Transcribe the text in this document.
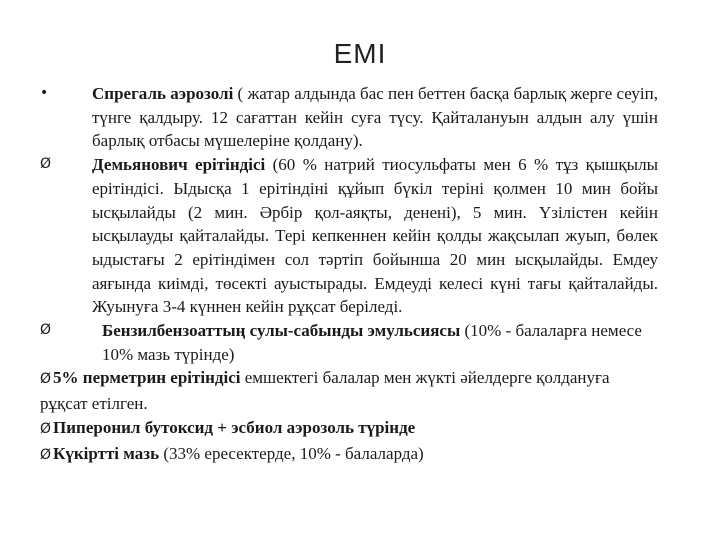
ЕМІ
•	Спрегаль аэрозолі ( жатар алдында бас пен беттен басқа барлық жерге сеуіп, түнге қалдыру. 12 сағаттан кейін суға түсу. Қайталануын алдын алу үшін барлық отбасы мүшелеріне қолдану).
Ø	Демьянович ерітіндісі (60 % натрий тиосульфаты мен 6 % тұз қышқылы ерітіндісі. Ыдысқа 1 ерітіндіні құйып бүкіл теріні қолмен 10 мин бойы ысқылайды (2 мин. Әрбір қол-аяқты, денені), 5 мин. Үзілістен кейін ысқылауды қайталайды. Тері кепкеннен кейін қолды жақсылап жуып, бөлек ыдыстағы 2 ерітіндімен сол тәртіп бойынша 20 мин ысқылайды. Емдеу аяғында киімді, төсекті ауыстырады. Емдеуді келесі күні тағы қайталайды. Жуынуға 3-4 күннен кейін рұқсат беріледі.
Ø	Бензилбензоаттың сулы-сабынды эмульсиясы (10% - балаларға немесе 10% мазь түрінде)
Ø 5% перметрин ерітіндісі емшектегі балалар мен жүкті әйелдерге қолдануға рұқсат етілген.
Ø Пиперонил бутоксид + эсбиол аэрозоль түрінде
Ø Күкіртті мазь (33% ересектерде, 10% - балаларда)
